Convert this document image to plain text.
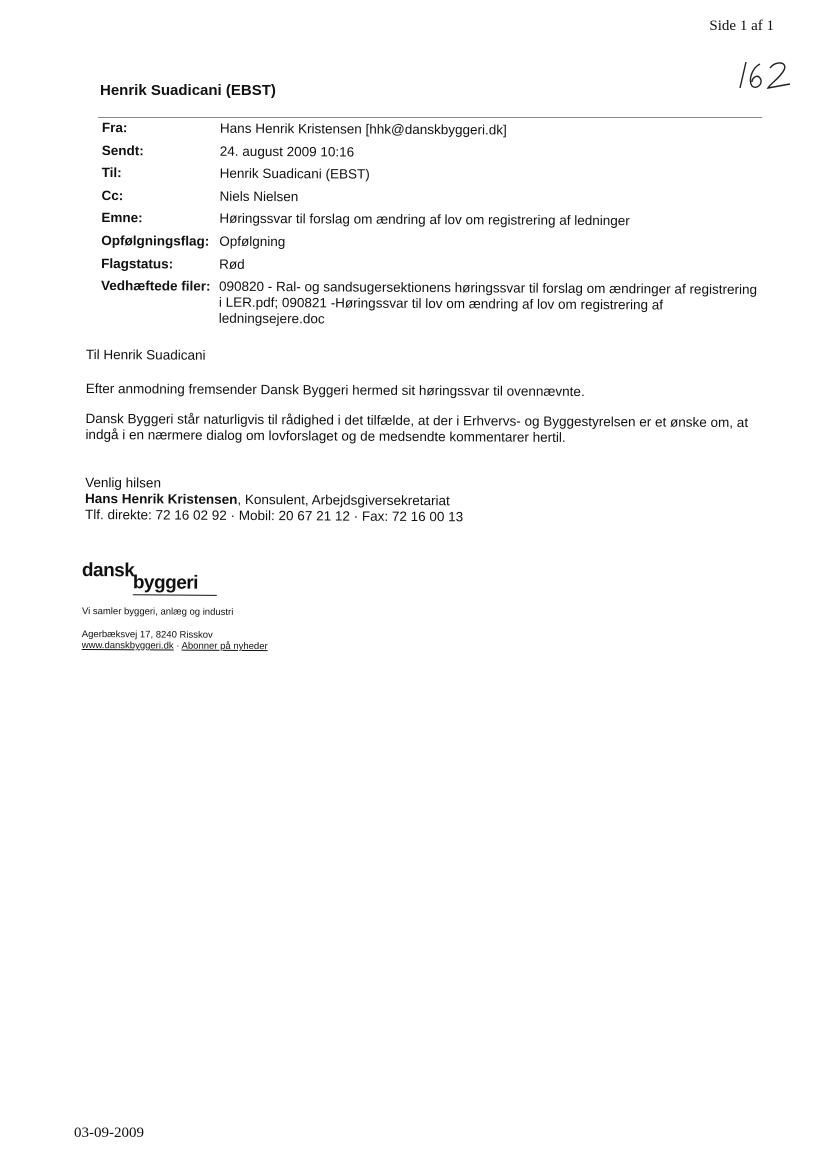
Side 1 af 1
Henrik Suadicani (EBST)
Fra:	Hans Henrik Kristensen [hhk@danskbyggeri.dk]
Sendt:	24. august 2009 10:16
Til:	Henrik Suadicani (EBST)
Cc:	Niels Nielsen
Emne:	Høringssvar til forslag om ændring af lov om registrering af ledninger
Opfølgningsflag:	Opfølgning
Flagstatus:	Rød
Vedhæftede filer:	090820 - Ral- og sandsugersektionens høringssvar til forslag om ændringer af registrering i LER.pdf; 090821 -Høringssvar til lov om ændring af lov om registrering af ledningsejere.doc

Til Henrik Suadicani

Efter anmodning fremsender Dansk Byggeri hermed sit høringssvar til ovennævnte.

Dansk Byggeri står naturligvis til rådighed i det tilfælde, at der i Erhvervs- og Byggestyrelsen er et ønske om, at indgå i en nærmere dialog om lovforslaget og de medsendte kommentarer hertil.

Venlig hilsen

Hans Henrik Kristensen, Konsulent, Arbejdsgiversekretariat

Tlf. direkte: 72 16 02 92 · Mobil: 20 67 21 12 · Fax: 72 16 00 13

dansk
byggeri
Vi samler byggeri, anlæg og industri
Agerbæksvej 17, 8240 Risskov
www.danskbyggeri.dk · Abonner på nyheder
03-09-2009
